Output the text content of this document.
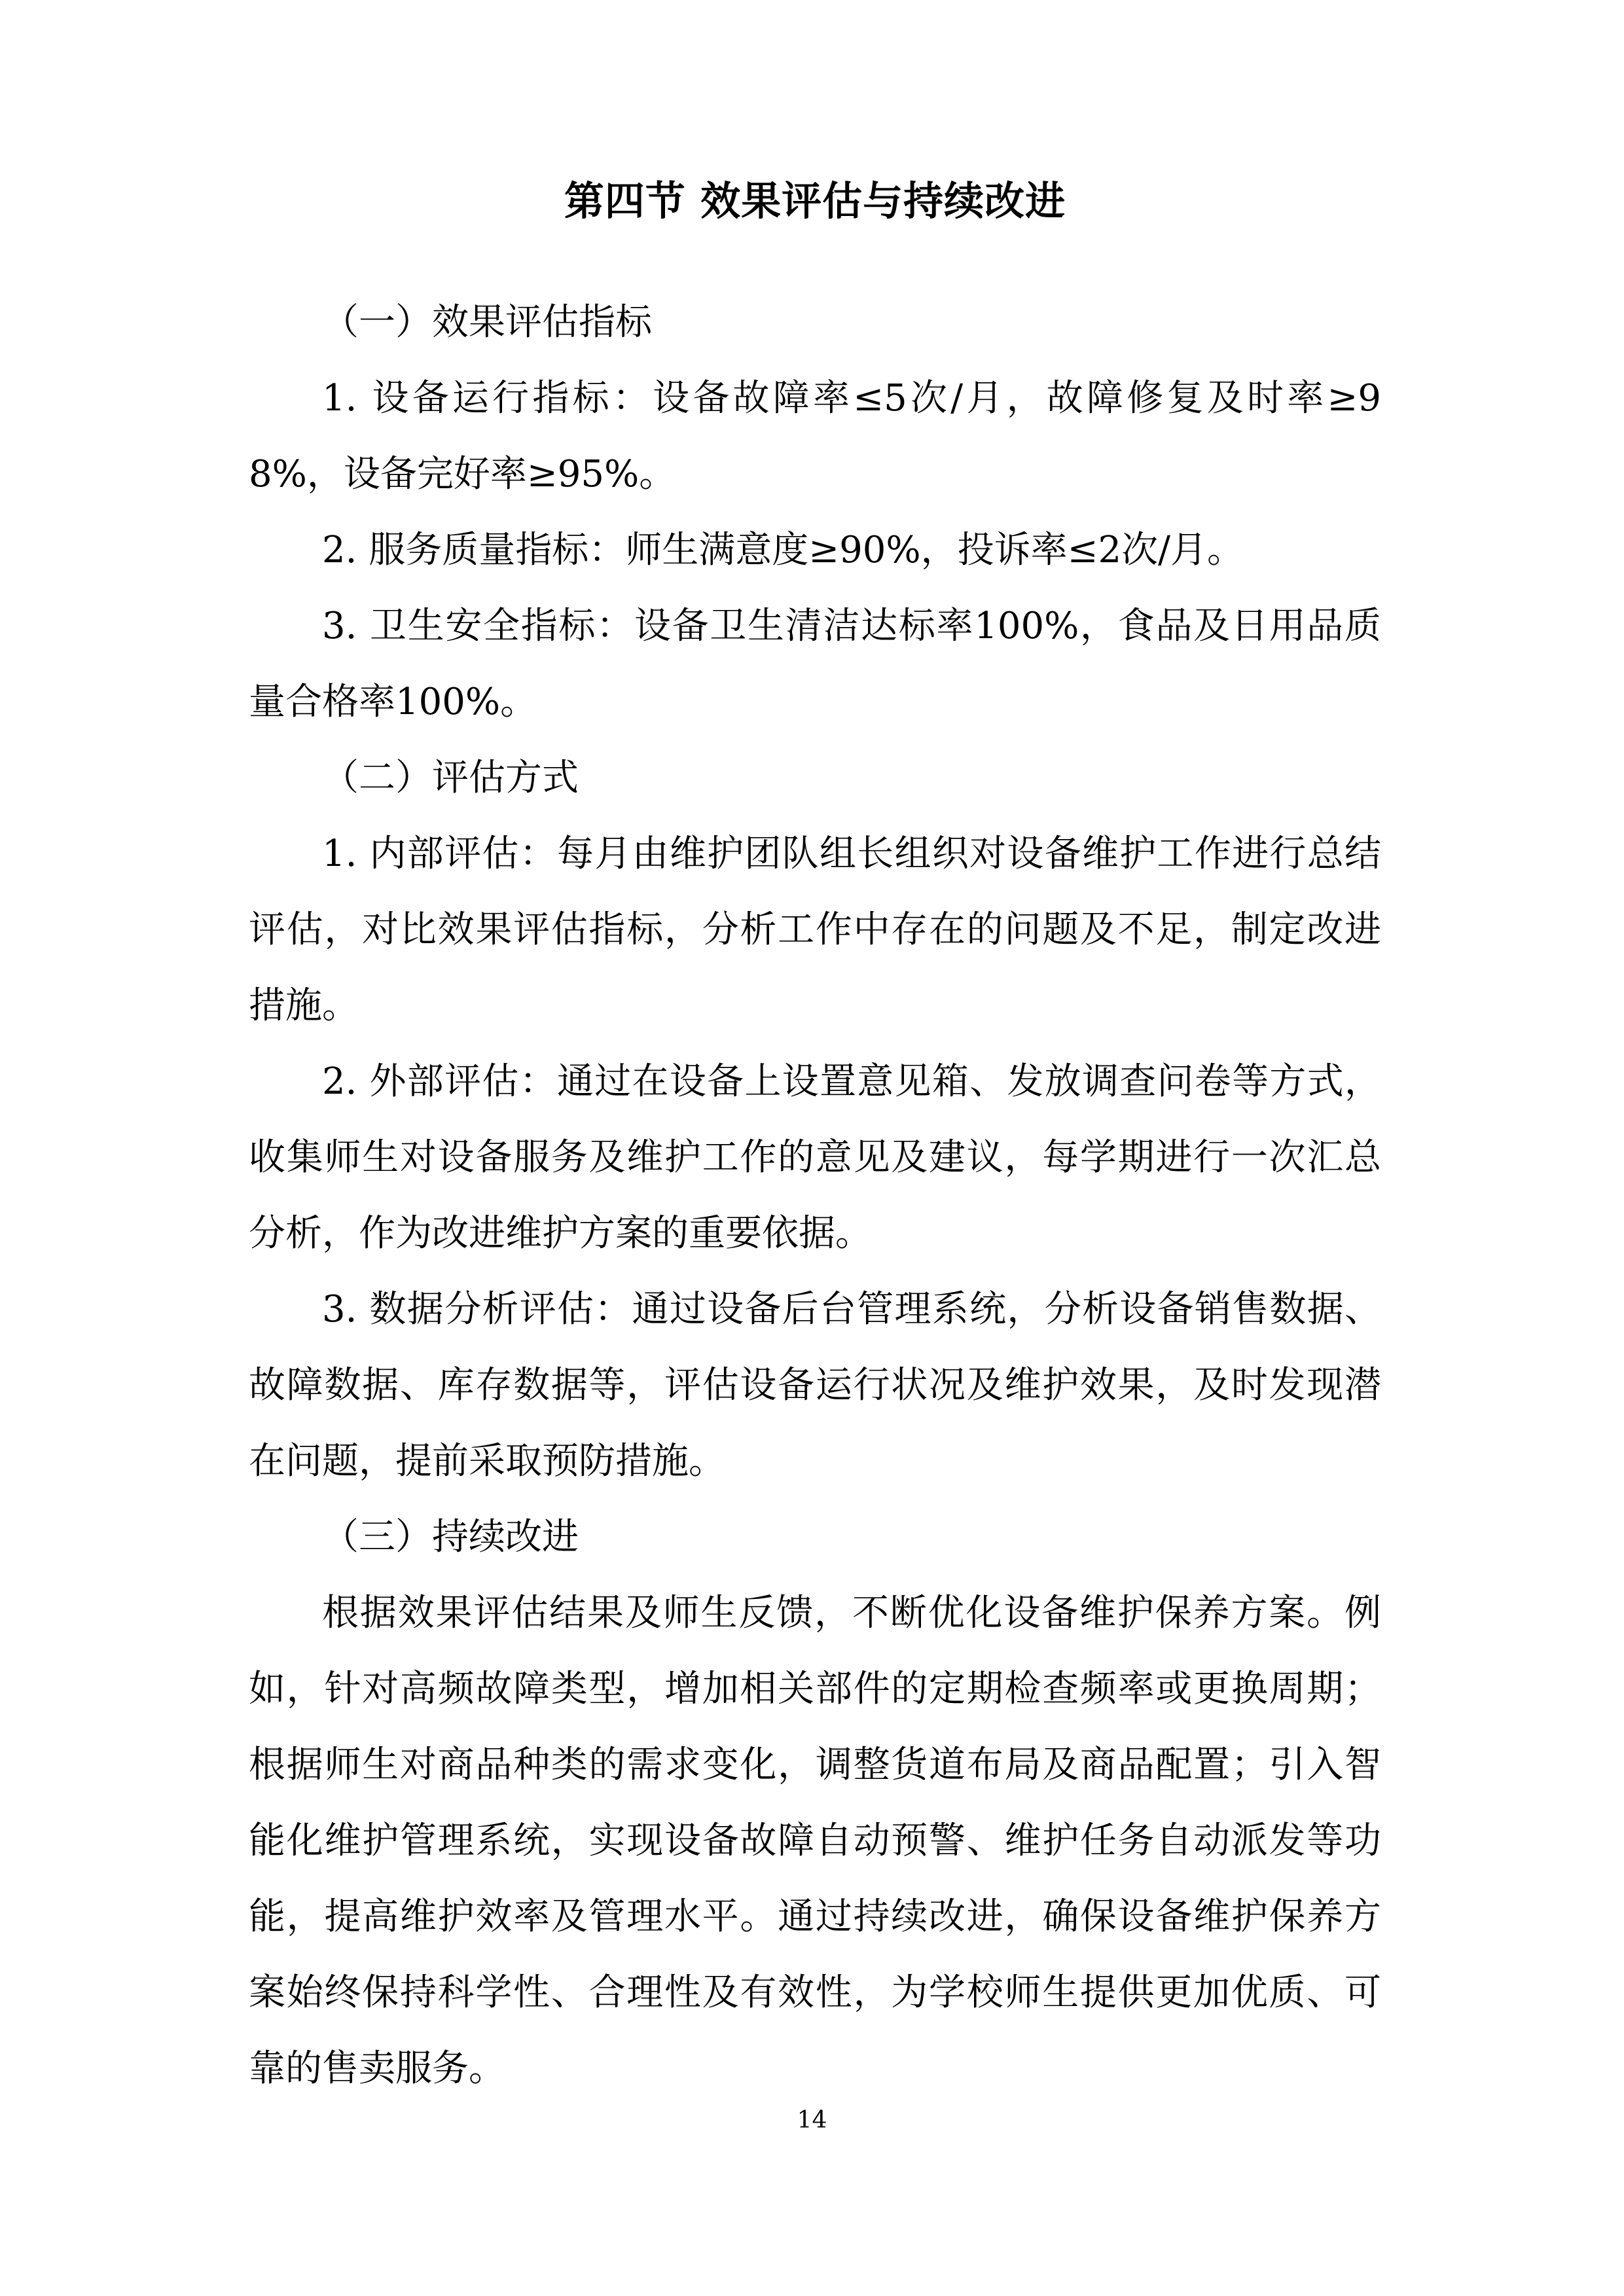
第四节 效果评估与持续改进

（一）效果评估指标

1. 设备运行指标：设备故障率≤5次/月，故障修复及时率≥98%，设备完好率≥95%。

2. 服务质量指标：师生满意度≥90%，投诉率≤2次/月。

3. 卫生安全指标：设备卫生清洁达标率100%，食品及日用品质量合格率100%。

（二）评估方式

1. 内部评估：每月由维护团队组长组织对设备维护工作进行总结评估，对比效果评估指标，分析工作中存在的问题及不足，制定改进措施。

2. 外部评估：通过在设备上设置意见箱、发放调查问卷等方式，收集师生对设备服务及维护工作的意见及建议，每学期进行一次汇总分析，作为改进维护方案的重要依据。

3. 数据分析评估：通过设备后台管理系统，分析设备销售数据、故障数据、库存数据等，评估设备运行状况及维护效果，及时发现潜在问题，提前采取预防措施。

（三）持续改进

根据效果评估结果及师生反馈，不断优化设备维护保养方案。例如，针对高频故障类型，增加相关部件的定期检查频率或更换周期；根据师生对商品种类的需求变化，调整货道布局及商品配置；引入智能化维护管理系统，实现设备故障自动预警、维护任务自动派发等功能，提高维护效率及管理水平。通过持续改进，确保设备维护保养方案始终保持科学性、合理性及有效性，为学校师生提供更加优质、可靠的售卖服务。

14
